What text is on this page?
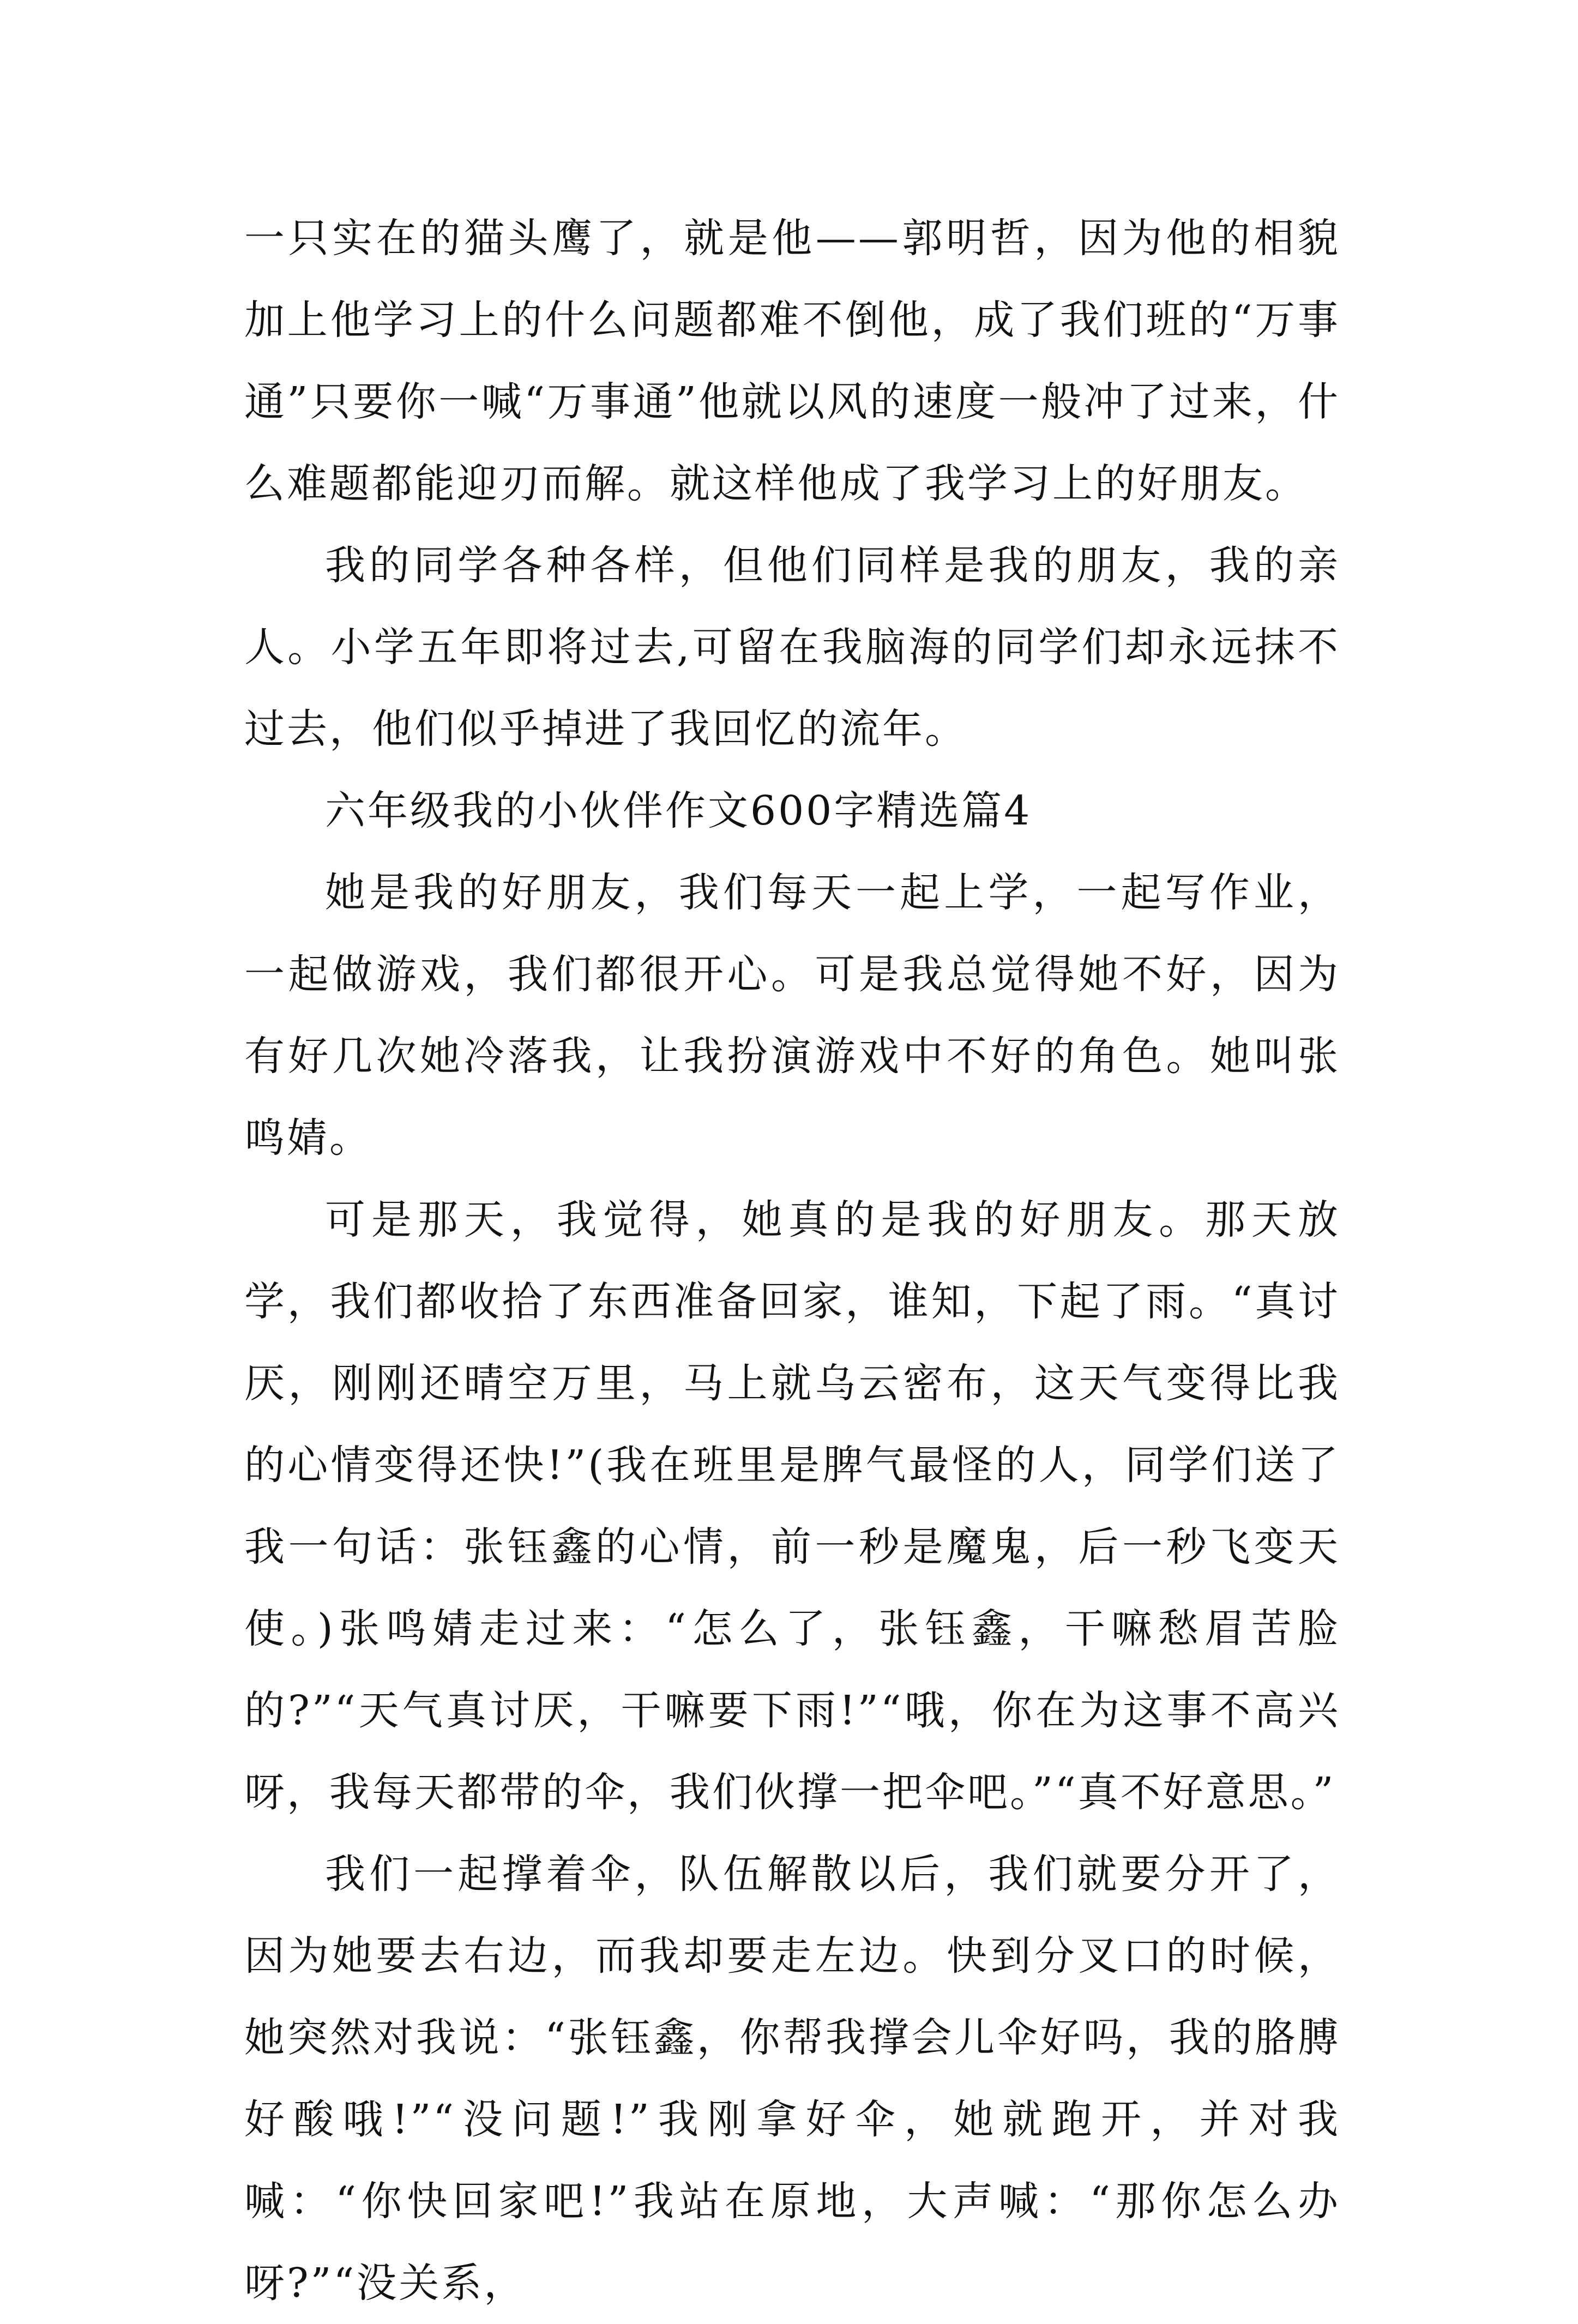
一只实在的猫头鹰了，就是他——郭明哲，因为他的相貌加上他学习上的什么问题都难不倒他，成了我们班的“万事通”只要你一喊“万事通”他就以风的速度一般冲了过来，什么难题都能迎刃而解。就这样他成了我学习上的好朋友。

我的同学各种各样，但他们同样是我的朋友，我的亲人。小学五年即将过去,可留在我脑海的同学们却永远抹不过去，他们似乎掉进了我回忆的流年。

六年级我的小伙伴作文600字精选篇4

她是我的好朋友，我们每天一起上学，一起写作业，一起做游戏，我们都很开心。可是我总觉得她不好，因为有好几次她冷落我，让我扮演游戏中不好的角色。她叫张鸣婧。

可是那天，我觉得，她真的是我的好朋友。那天放学，我们都收拾了东西准备回家，谁知，下起了雨。“真讨厌，刚刚还晴空万里，马上就乌云密布，这天气变得比我的心情变得还快!”(我在班里是脾气最怪的人，同学们送了我一句话：张钰鑫的心情，前一秒是魔鬼，后一秒飞变天使。)张鸣婧走过来：“怎么了，张钰鑫，干嘛愁眉苦脸的?”“天气真讨厌，干嘛要下雨!”“哦，你在为这事不高兴呀，我每天都带的伞，我们伙撑一把伞吧。”“真不好意思。”

我们一起撑着伞，队伍解散以后，我们就要分开了，因为她要去右边，而我却要走左边。快到分叉口的时候，她突然对我说：“张钰鑫，你帮我撑会儿伞好吗，我的胳膊好酸哦!”“没问题!”我刚拿好伞，她就跑开，并对我喊：“你快回家吧!”我站在原地，大声喊：“那你怎么办呀?”“没关系，
